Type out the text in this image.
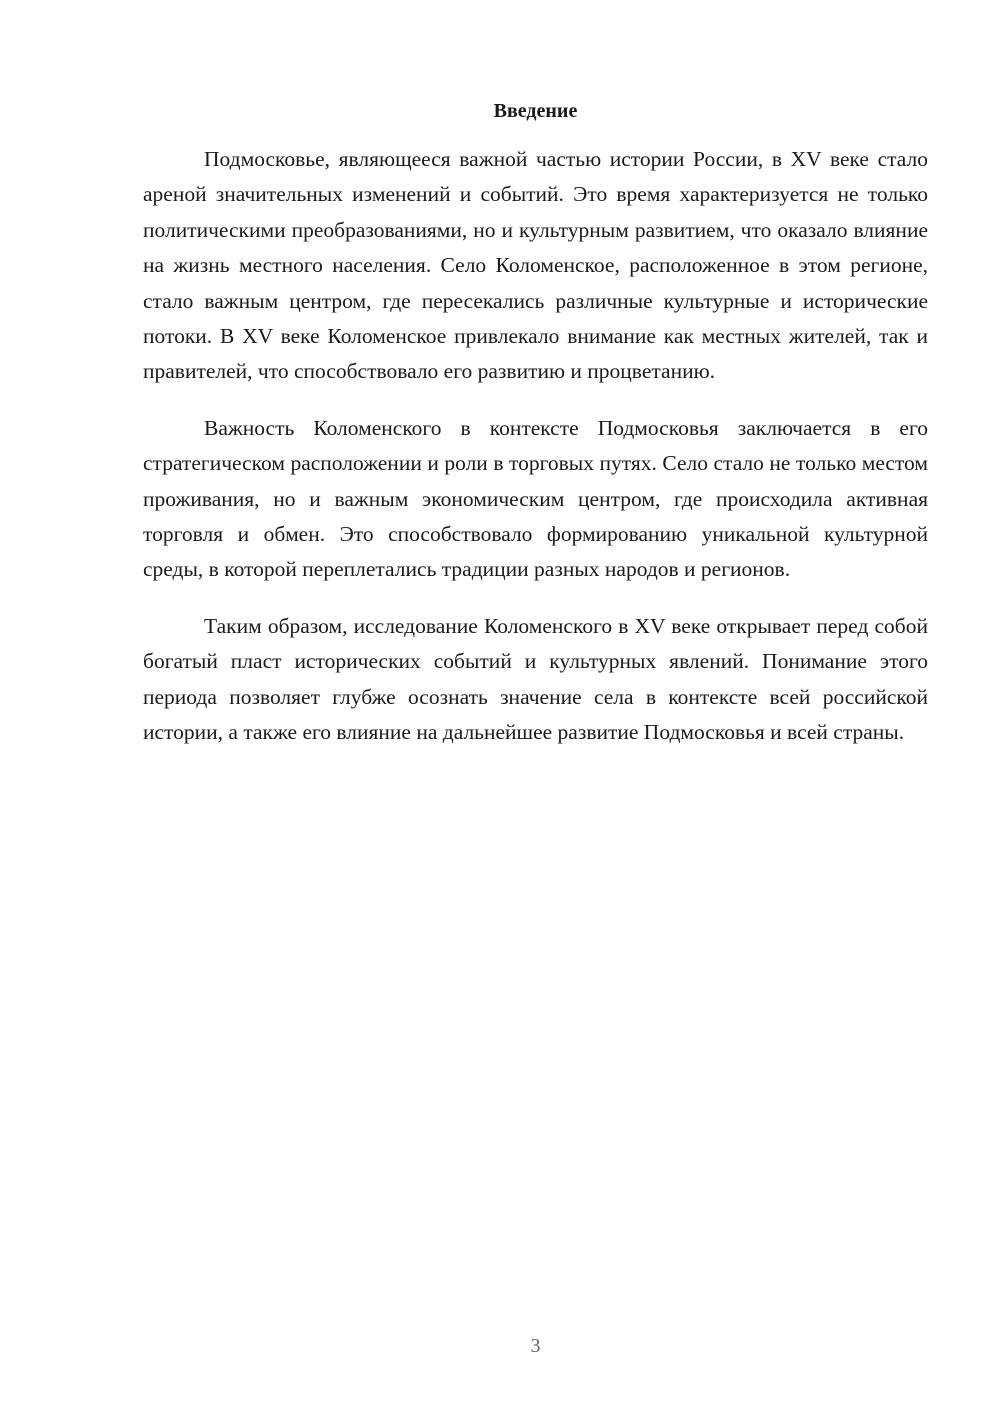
Введение

Подмосковье, являющееся важной частью истории России, в XV веке стало ареной значительных изменений и событий. Это время характеризуется не только политическими преобразованиями, но и культурным развитием, что оказало влияние на жизнь местного населения. Село Коломенское, расположенное в этом регионе, стало важным центром, где пересекались различные культурные и исторические потоки. В XV веке Коломенское привлекало внимание как местных жителей, так и правителей, что способствовало его развитию и процветанию.

Важность Коломенского в контексте Подмосковья заключается в его стратегическом расположении и роли в торговых путях. Село стало не только местом проживания, но и важным экономическим центром, где происходила активная торговля и обмен. Это способствовало формированию уникальной культурной среды, в которой переплетались традиции разных народов и регионов.

Таким образом, исследование Коломенского в XV веке открывает перед собой богатый пласт исторических событий и культурных явлений. Понимание этого периода позволяет глубже осознать значение села в контексте всей российской истории, а также его влияние на дальнейшее развитие Подмосковья и всей страны.

3
